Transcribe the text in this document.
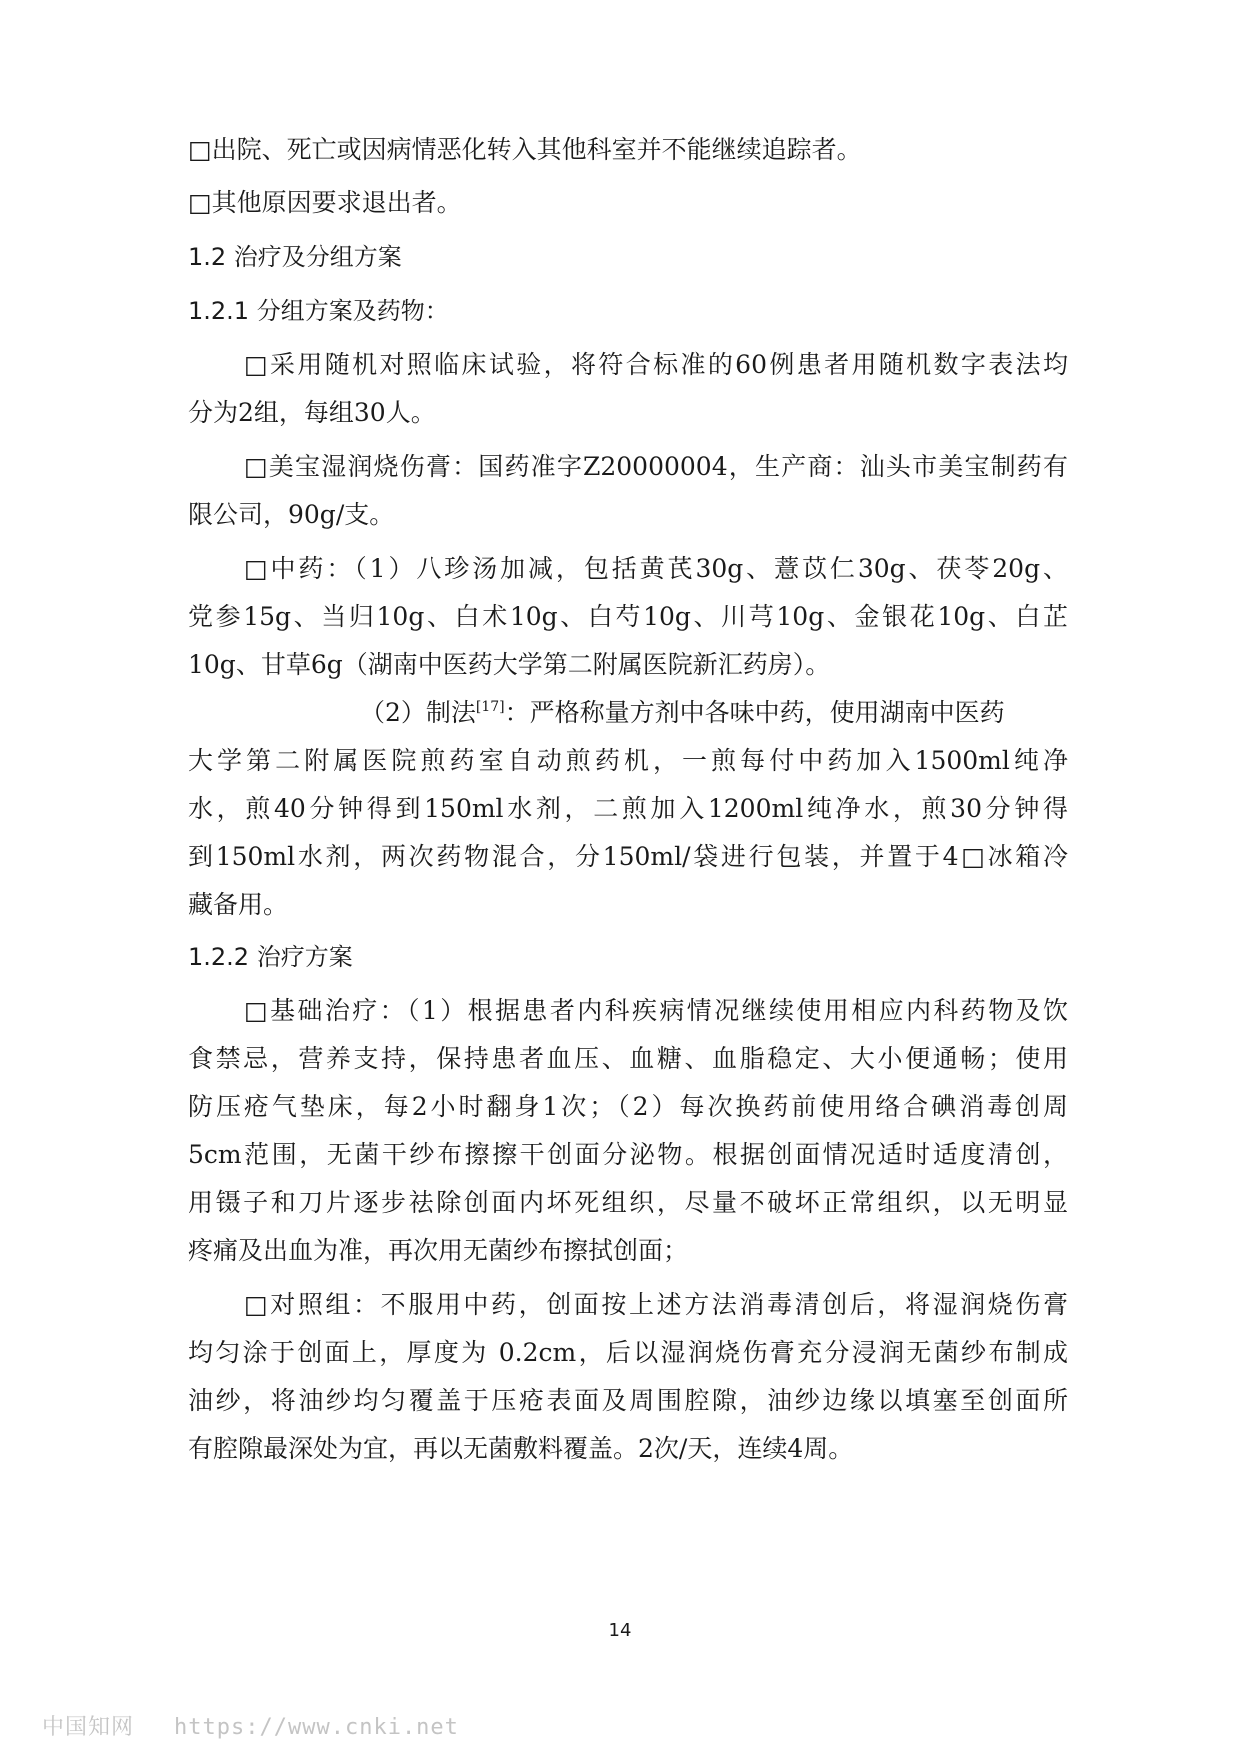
□出院、死亡或因病情恶化转入其他科室并不能继续追踪者。
□其他原因要求退出者。
1.2 治疗及分组方案
1.2.1 分组方案及药物：
□采用随机对照临床试验，将符合标准的60例患者用随机数字表法均
分为2组，每组30人。
□美宝湿润烧伤膏：国药准字Z20000004，生产商：汕头市美宝制药有
限公司，90g/支。
□中药：（1）八珍汤加减，包括黄芪30g、薏苡仁30g、茯苓20g、
党参15g、当归10g、白术10g、白芍10g、川芎10g、金银花10g、白芷
10g、甘草6g（湖南中医药大学第二附属医院新汇药房）。
（2）制法[17]：严格称量方剂中各味中药，使用湖南中医药
大学第二附属医院煎药室自动煎药机，一煎每付中药加入1500ml纯净
水，煎40分钟得到150ml水剂，二煎加入1200ml纯净水，煎30分钟得
到150ml水剂，两次药物混合，分150ml/袋进行包装，并置于4□冰箱冷
藏备用。
1.2.2 治疗方案
□基础治疗：（1）根据患者内科疾病情况继续使用相应内科药物及饮
食禁忌，营养支持，保持患者血压、血糖、血脂稳定、大小便通畅；使用
防压疮气垫床，每2小时翻身1次；（2）每次换药前使用络合碘消毒创周
5cm范围，无菌干纱布擦擦干创面分泌物。根据创面情况适时适度清创，
用镊子和刀片逐步祛除创面内坏死组织，尽量不破坏正常组织，以无明显
疼痛及出血为准，再次用无菌纱布擦拭创面；
□对照组：不服用中药，创面按上述方法消毒清创后，将湿润烧伤膏
均匀涂于创面上，厚度为 0.2cm，后以湿润烧伤膏充分浸润无菌纱布制成
油纱，将油纱均匀覆盖于压疮表面及周围腔隙，油纱边缘以填塞至创面所
有腔隙最深处为宜，再以无菌敷料覆盖。2次/天，连续4周。
14
中国知网 https://www.cnki.net
